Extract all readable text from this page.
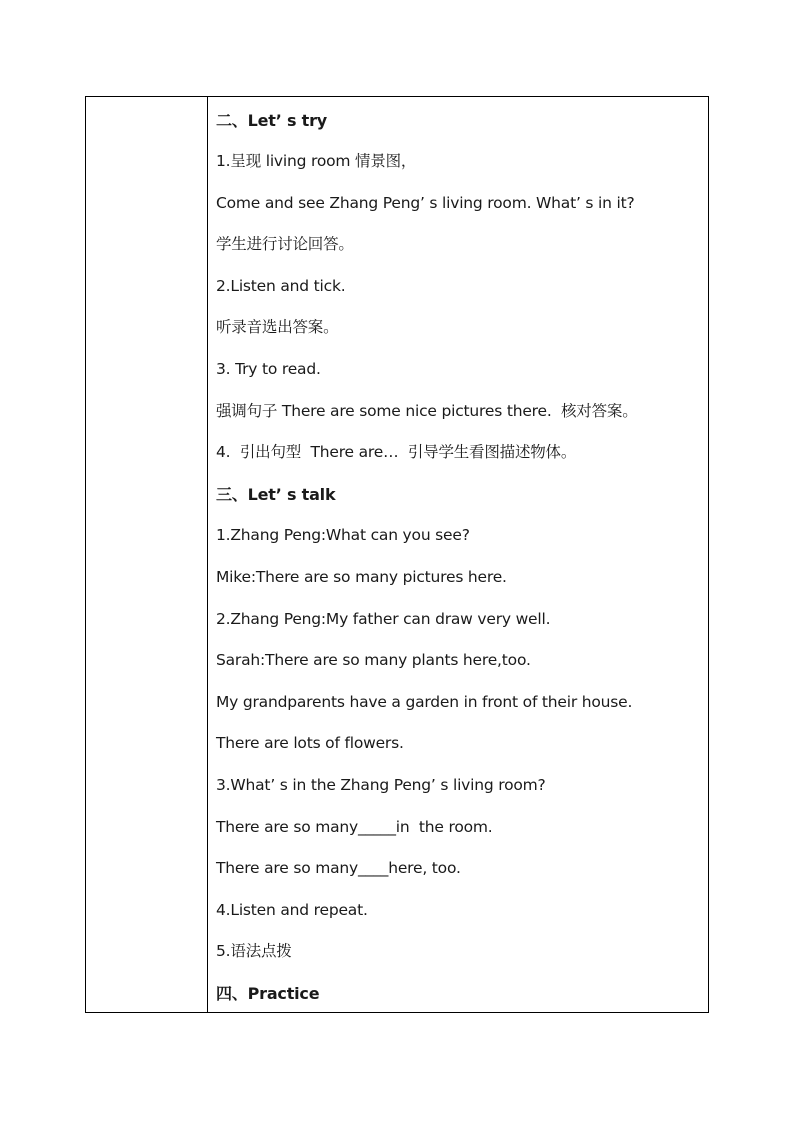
二、Let’ s try
1.呈现 living room 情景图，
Come and see Zhang Peng’ s living room. What’ s in it?
学生进行讨论回答。
2.Listen and tick.
听录音选出答案。
3. Try to read.
强调句子 There are some nice pictures there.  核对答案。
4.  引出句型  There are…  引导学生看图描述物体。
三、Let’ s talk
1.Zhang Peng:What can you see?
Mike:There are so many pictures here.
2.Zhang Peng:My father can draw very well.
Sarah:There are so many plants here,too.
My grandparents have a garden in front of their house.
There are lots of flowers.
3.What’ s in the Zhang Peng’ s living room?
There are so many_____in  the room.
There are so many____here, too.
4.Listen and repeat.
5.语法点拨
四、Practice
